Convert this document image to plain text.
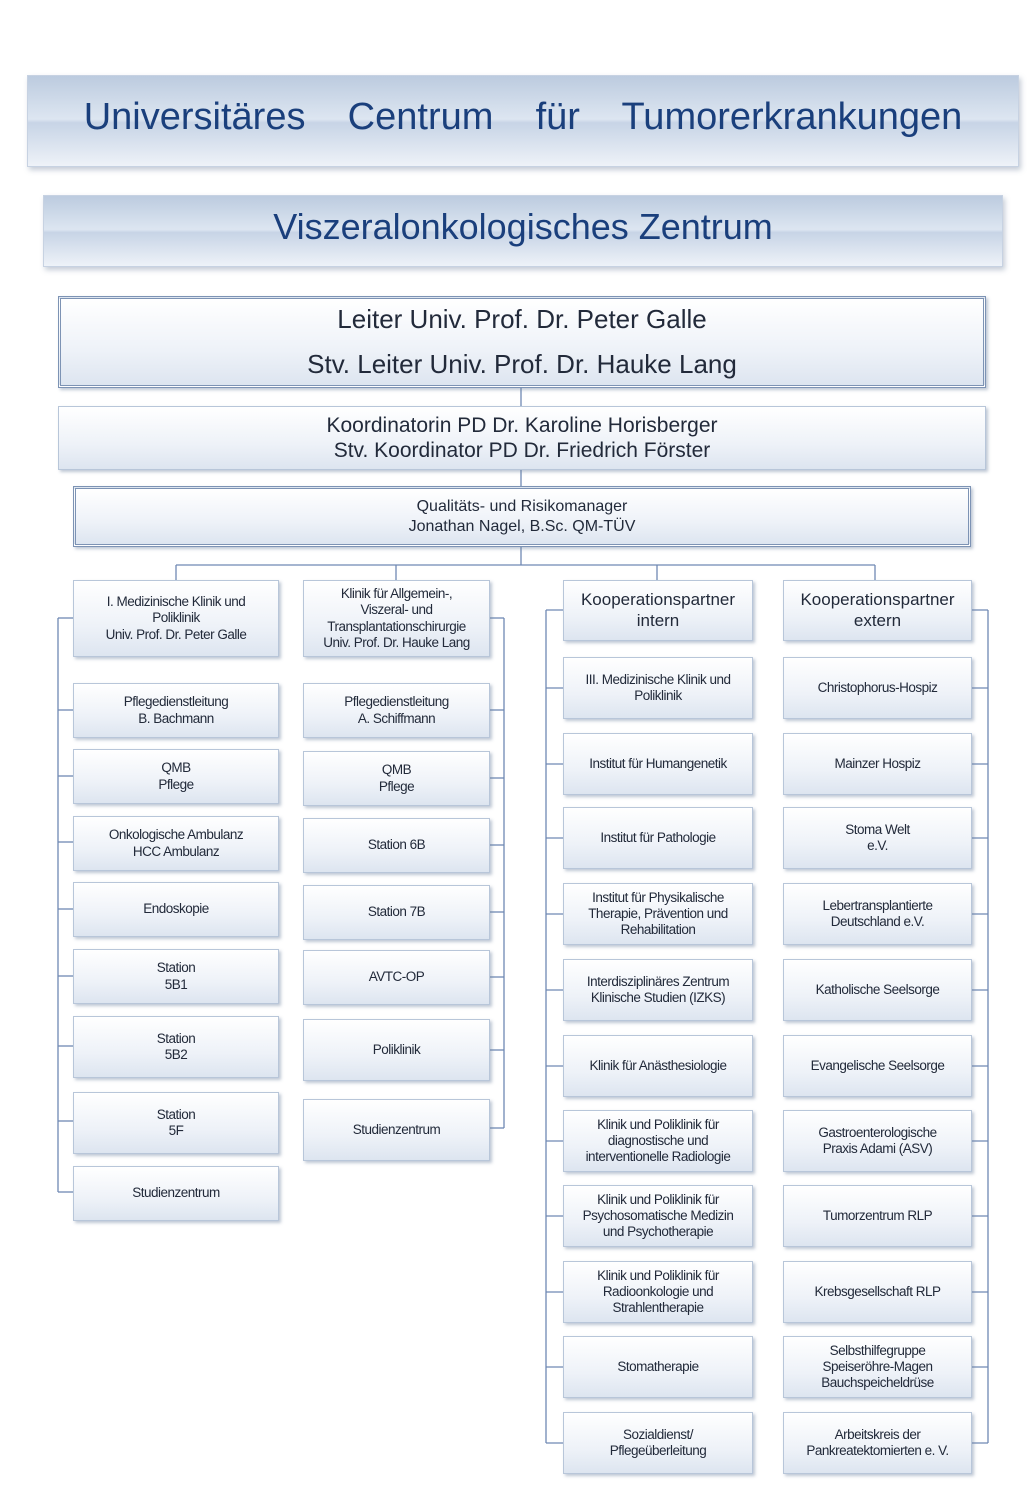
Universitäres    Centrum    für    Tumorerkrankungen
Viszeralonkologisches Zentrum
Leiter Univ. Prof. Dr. Peter Galle
Stv. Leiter Univ. Prof. Dr. Hauke Lang
Koordinatorin PD Dr. Karoline Horisberger
Stv. Koordinator PD Dr. Friedrich Förster
Qualitäts- und Risikomanager
Jonathan Nagel, B.Sc. QM-TÜV
I. Medizinische Klinik und
Poliklinik
Univ. Prof. Dr. Peter Galle
Pflegedienstleitung
B. Bachmann
QMB
Pflege
Onkologische Ambulanz
HCC Ambulanz
Endoskopie
Station
5B1
Station
5B2
Station
5F
Studienzentrum
Klinik für Allgemein-,
Viszeral- und
Transplantationschirurgie
Univ. Prof. Dr. Hauke Lang
Pflegedienstleitung
A. Schiffmann
QMB
Pflege
Station 6B
Station 7B
AVTC-OP
Poliklinik
Studienzentrum
Kooperationspartner
intern
III. Medizinische Klinik und
Poliklinik
Institut für Humangenetik
Institut für Pathologie
Institut für Physikalische
Therapie, Prävention und
Rehabilitation
Interdisziplinäres Zentrum
Klinische Studien (IZKS)
Klinik für Anästhesiologie
Klinik und Poliklinik für
diagnostische und
interventionelle Radiologie
Klinik und Poliklinik für
Psychosomatische Medizin
und Psychotherapie
Klinik und Poliklinik für
Radioonkologie und
Strahlentherapie
Stomatherapie
Sozialdienst/
Pflegeüberleitung
Kooperationspartner
extern
Christophorus-Hospiz
Mainzer Hospiz
Stoma Welt
e.V.
Lebertransplantierte
Deutschland e.V.
Katholische Seelsorge
Evangelische Seelsorge
Gastroenterologische
Praxis Adami (ASV)
Tumorzentrum RLP
Krebsgesellschaft RLP
Selbsthilfegruppe
Speiseröhre-Magen
Bauchspeicheldrüse
Arbeitskreis der
Pankreatektomierten e. V.
